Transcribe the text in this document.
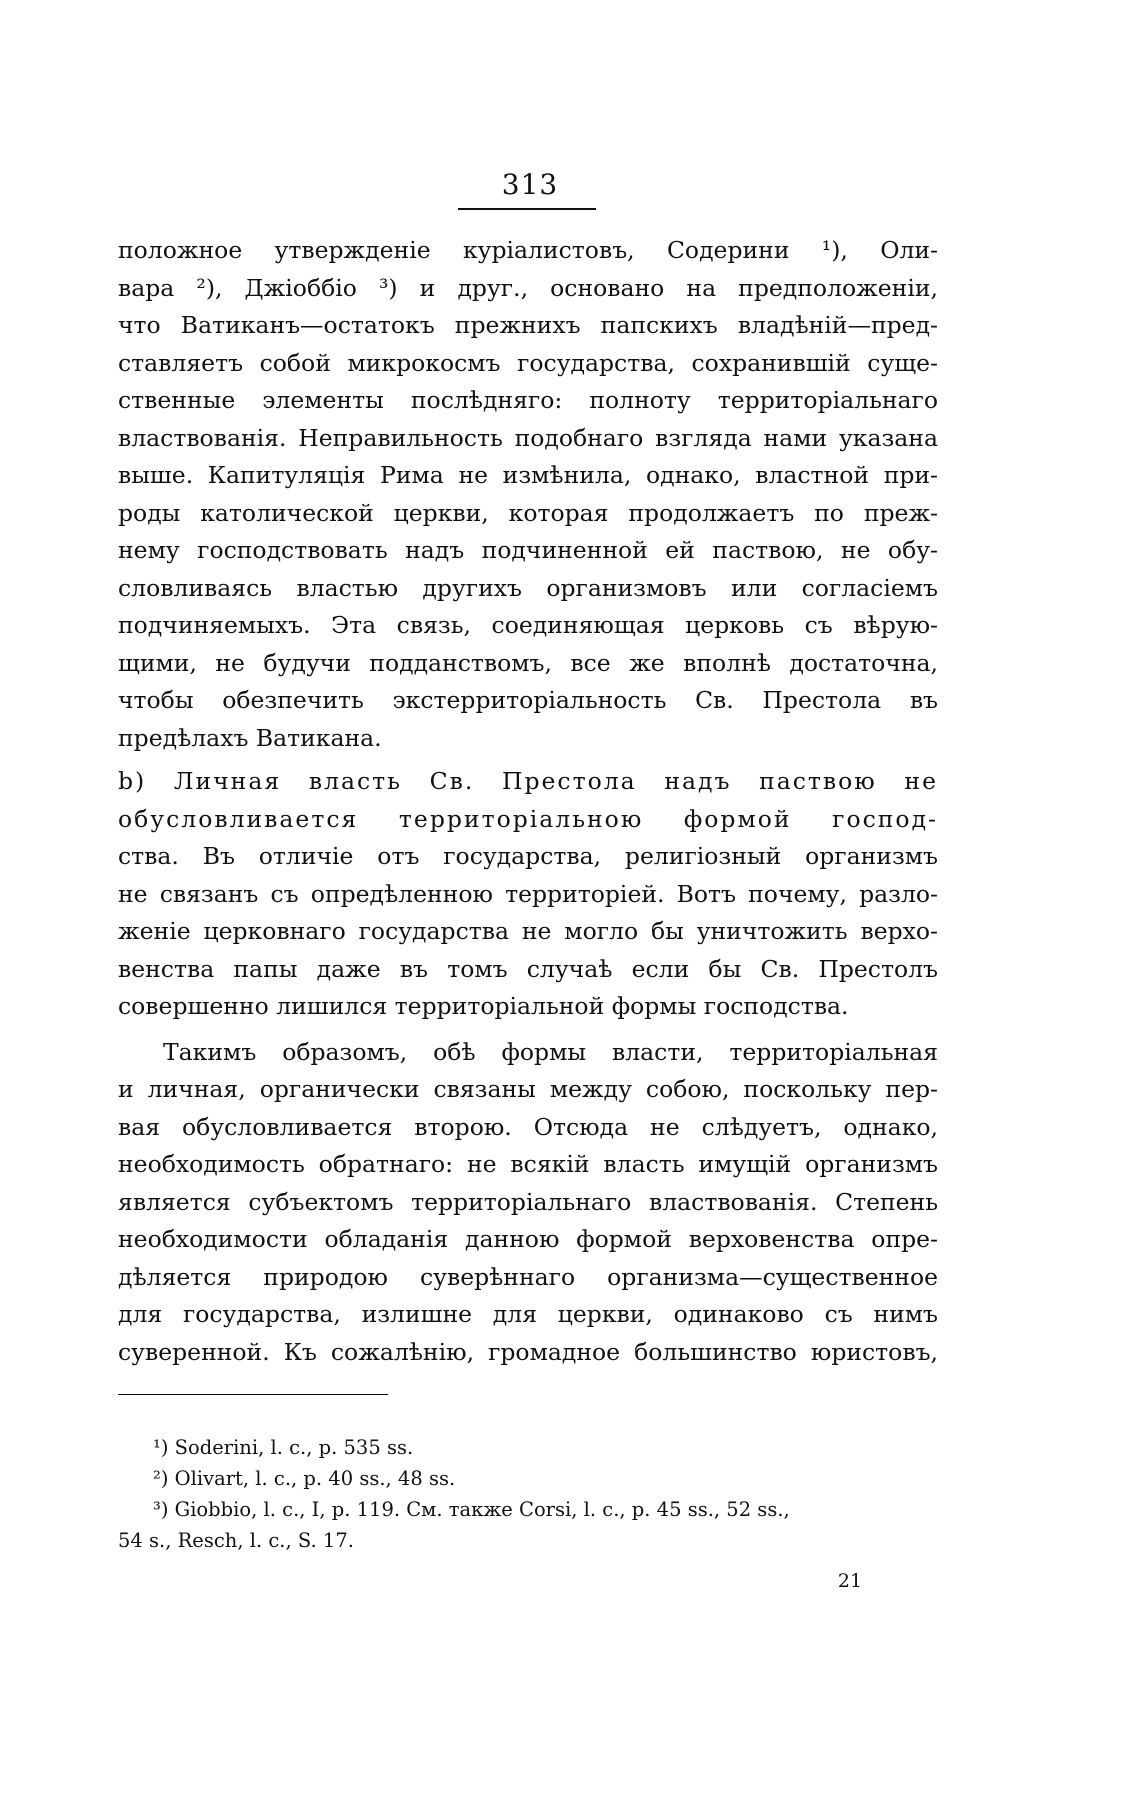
313
положное утвержденіе куріалистовъ, Содерини ¹), Оли-
вара ²), Джіоббіо ³) и друг., основано на предположеніи,
что Ватиканъ—остатокъ прежнихъ папскихъ владѣній—пред-
ставляетъ собой микрокосмъ государства, сохранившій суще-
ственные элементы послѣдняго: полноту территоріальнаго
властвованія. Неправильность подобнаго взгляда нами указана
выше. Капитуляція Рима не измѣнила, однако, властной при-
роды католической церкви, которая продолжаетъ по преж-
нему господствовать надъ подчиненной ей паствою, не обу-
словливаясь властью другихъ организмовъ или согласіемъ
подчиняемыхъ. Эта связь, соединяющая церковь съ вѣрую-
щими, не будучи подданствомъ, все же вполнѣ достаточна,
чтобы обезпечить экстерриторіальность Св. Престола въ
предѣлахъ Ватикана.
b) Личная власть Св. Престола надъ паствою не
обусловливается территоріальною формой господ-
ства. Въ отличіе отъ государства, религіозный организмъ
не связанъ съ опредѣленною территоріей. Вотъ почему, разло-
женіе церковнаго государства не могло бы уничтожить верхо-
венства папы даже въ томъ случаѣ если бы Св. Престолъ
совершенно лишился территоріальной формы господства.
Такимъ образомъ, обѣ формы власти, территоріальная
и личная, органически связаны между собою, поскольку пер-
вая обусловливается второю. Отсюда не слѣдуетъ, однако,
необходимость обратнаго: не всякій власть имущій организмъ
является субъектомъ территоріальнаго властвованія. Степень
необходимости обладанія данною формой верховенства опре-
дѣляется природою суверѣннаго организма—существенное
для государства, излишне для церкви, одинаково съ нимъ
суверенной. Къ сожалѣнію, громадное большинство юристовъ,
¹) Soderini, l. c., p. 535 ss.
²) Olivart, l. c., p. 40 ss., 48 ss.
³) Giobbio, l. c., I, p. 119. См. также Corsi, l. c., p. 45 ss., 52 ss.,
54 s., Resch, l. c., S. 17.
21
